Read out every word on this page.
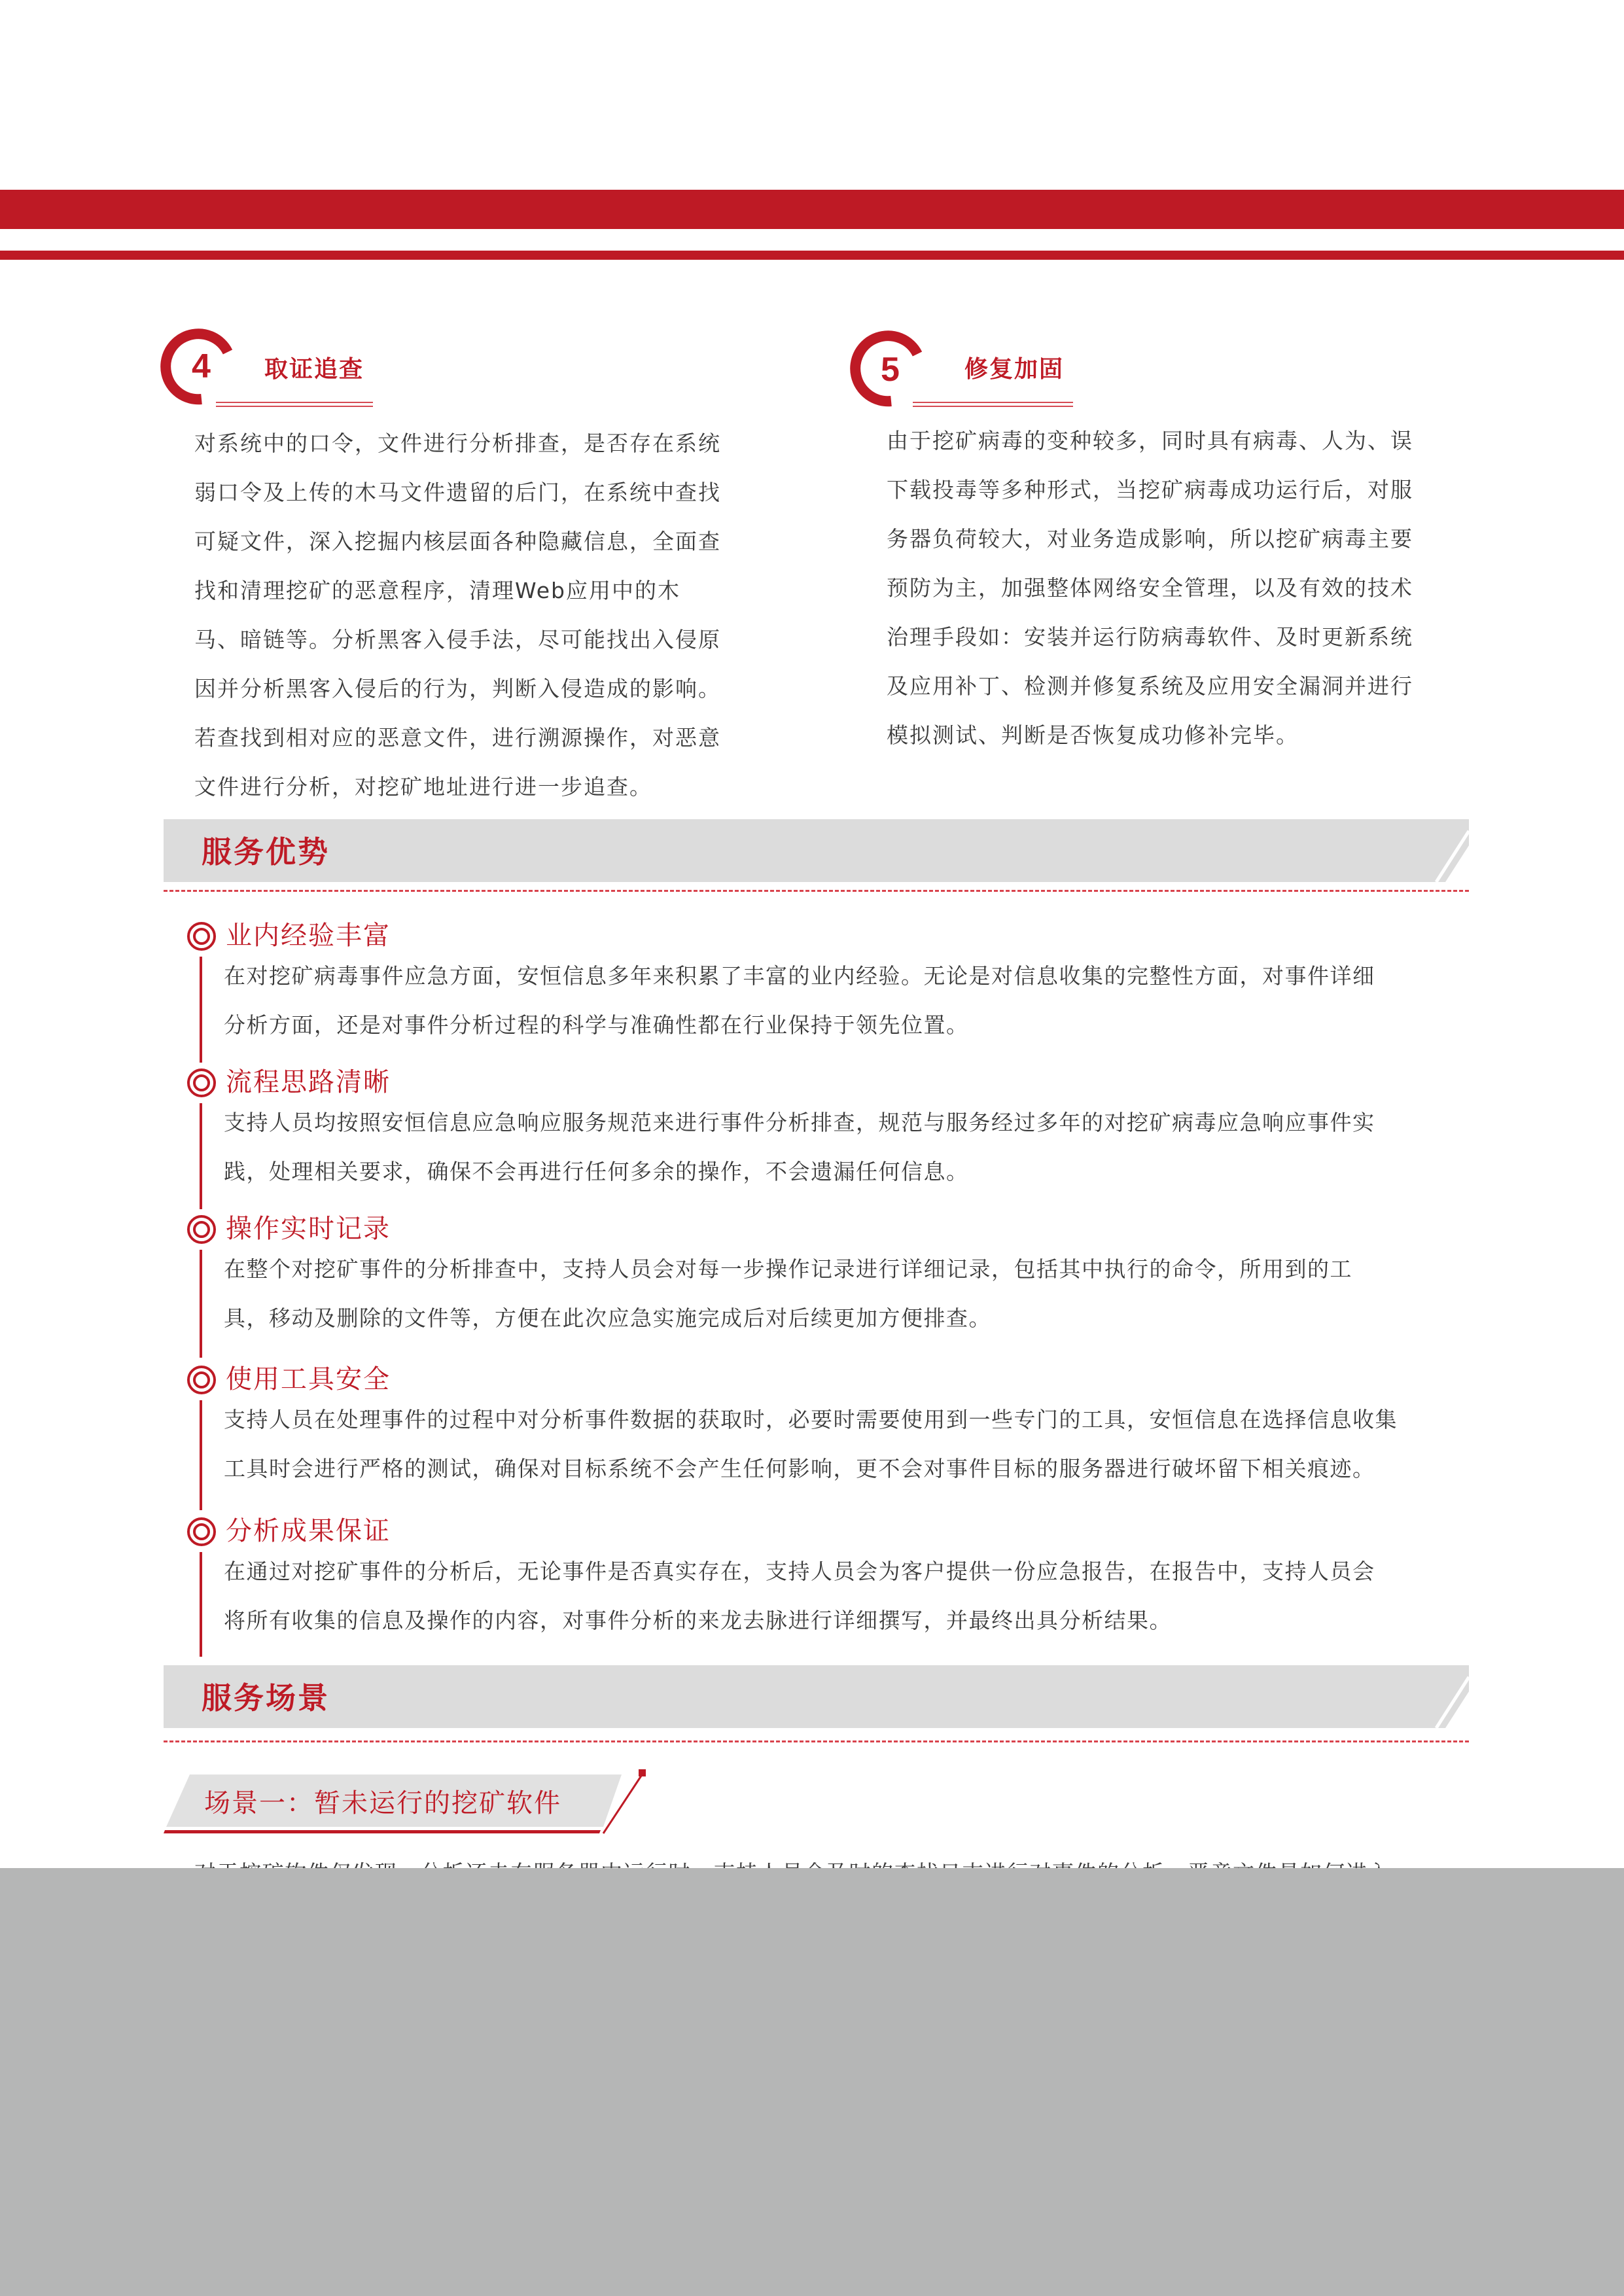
4 取证追查
对系统中的口令，文件进行分析排查，是否存在系统
弱口令及上传的木马文件遗留的后门，在系统中查找
可疑文件，深入挖掘内核层面各种隐藏信息，全面查
找和清理挖矿的恶意程序，清理Web应用中的木
马、暗链等。分析黑客入侵手法，尽可能找出入侵原
因并分析黑客入侵后的行为，判断入侵造成的影响。
若查找到相对应的恶意文件，进行溯源操作，对恶意
文件进行分析，对挖矿地址进行进一步追查。
5	修复加固
由于挖矿病毒的变种较多，同时具有病毒、人为、误
下载投毒等多种形式，当挖矿病毒成功运行后，对服
务器负荷较大，对业务造成影响，所以挖矿病毒主要
预防为主，加强整体网络安全管理，以及有效的技术
治理手段如：安装并运行防病毒软件、及时更新系统
及应用补丁、检测并修复系统及应用安全漏洞并进行
模拟测试、判断是否恢复成功修补完毕。
服务优势
业内经验丰富
在对挖矿病毒事件应急方面，安恒信息多年来积累了丰富的业内经验。无论是对信息收集的完整性方面，对事件详细
分析方面，还是对事件分析过程的科学与准确性都在行业保持于领先位置。
流程思路清晰
支持人员均按照安恒信息应急响应服务规范来进行事件分析排查，规范与服务经过多年的对挖矿病毒应急响应事件实
践，处理相关要求，确保不会再进行任何多余的操作，不会遗漏任何信息。
操作实时记录
在整个对挖矿事件的分析排查中，支持人员会对每一步操作记录进行详细记录，包括其中执行的命令，所用到的工
具，移动及删除的文件等，方便在此次应急实施完成后对后续更加方便排查。
使用工具安全
支持人员在处理事件的过程中对分析事件数据的获取时，必要时需要使用到一些专门的工具，安恒信息在选择信息收集
工具时会进行严格的测试，确保对目标系统不会产生任何影响，更不会对事件目标的服务器进行破坏留下相关痕迹。
分析成果保证
在通过对挖矿事件的分析后，无论事件是否真实存在，支持人员会为客户提供一份应急报告，在报告中，支持人员会
将所有收集的信息及操作的内容，对事件分析的来龙去脉进行详细撰写，并最终出具分析结果。
服务场景
场景一：暂未运行的挖矿软件
